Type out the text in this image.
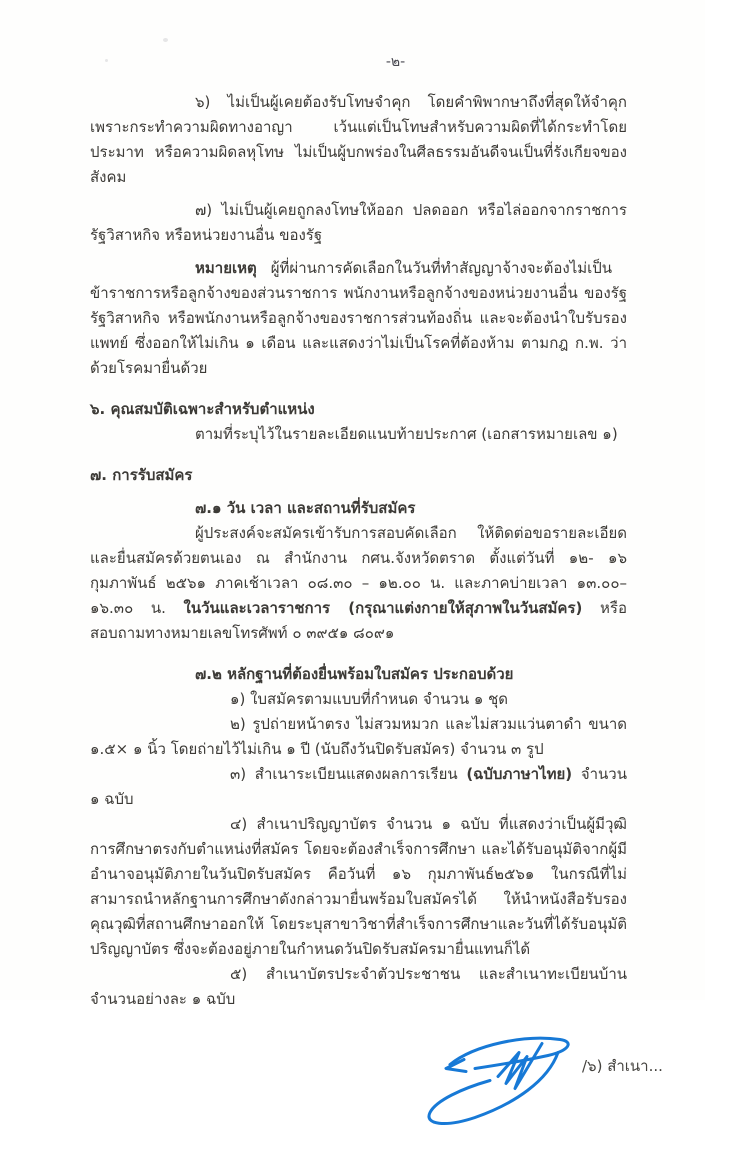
-๒-

๖) ไม่เป็นผู้เคยต้องรับโทษจำคุก โดยคำพิพากษาถึงที่สุดให้จำคุก เพราะกระทำความผิดทางอาญา เว้นแต่เป็นโทษสำหรับความผิดที่ได้กระทำโดยประมาท หรือความผิดลหุโทษ ไม่เป็นผู้บกพร่องในศีลธรรมอันดีจนเป็นที่รังเกียจของสังคม

๗) ไม่เป็นผู้เคยถูกลงโทษให้ออก ปลดออก หรือไล่ออกจากราชการ รัฐวิสาหกิจ หรือหน่วยงานอื่น ของรัฐ

หมายเหตุ ผู้ที่ผ่านการคัดเลือกในวันที่ทำสัญญาจ้างจะต้องไม่เป็นข้าราชการหรือลูกจ้างของส่วนราชการ พนักงานหรือลูกจ้างของหน่วยงานอื่น ของรัฐ รัฐวิสาหกิจ หรือพนักงานหรือลูกจ้างของราชการส่วนท้องถิ่น และจะต้องนำใบรับรองแพทย์ ซึ่งออกให้ไม่เกิน ๑ เดือน และแสดงว่าไม่เป็นโรคที่ต้องห้าม ตามกฎ ก.พ. ว่าด้วยโรคมายื่นด้วย

๖. คุณสมบัติเฉพาะสำหรับตำแหน่ง

ตามที่ระบุไว้ในรายละเอียดแนบท้ายประกาศ (เอกสารหมายเลข ๑)

๗. การรับสมัคร

๗.๑ วัน เวลา และสถานที่รับสมัคร

ผู้ประสงค์จะสมัครเข้ารับการสอบคัดเลือก ให้ติดต่อขอรายละเอียดและยื่นสมัครด้วยตนเอง ณ สำนักงาน กศน.จังหวัดตราด ตั้งแต่วันที่ ๑๒- ๑๖ กุมภาพันธ์ ๒๕๖๑ ภาคเช้าเวลา ๐๘.๓๐ – ๑๒.๐๐ น. และภาคบ่ายเวลา ๑๓.๐๐– ๑๖.๓๐ น. ในวันและเวลาราชการ (กรุณาแต่งกายให้สุภาพในวันสมัคร) หรือสอบถามทางหมายเลขโทรศัพท์ ๐ ๓๙๕๑ ๘๐๙๑

๗.๒ หลักฐานที่ต้องยื่นพร้อมใบสมัคร ประกอบด้วย

๑) ใบสมัครตามแบบที่กำหนด จำนวน ๑ ชุด

๒) รูปถ่ายหน้าตรง ไม่สวมหมวก และไม่สวมแว่นตาดำ ขนาด ๑.๕× ๑ นิ้ว โดยถ่ายไว้ไม่เกิน ๑ ปี (นับถึงวันปิดรับสมัคร) จำนวน ๓ รูป

๓) สำเนาระเบียนแสดงผลการเรียน (ฉบับภาษาไทย) จำนวน ๑ ฉบับ

๔) สำเนาปริญญาบัตร จำนวน ๑ ฉบับ ที่แสดงว่าเป็นผู้มีวุฒิการศึกษาตรงกับตำแหน่งที่สมัคร โดยจะต้องสำเร็จการศึกษา และได้รับอนุมัติจากผู้มีอำนาจอนุมัติภายในวันปิดรับสมัคร คือวันที่ ๑๖ กุมภาพันธ์๒๕๖๑ ในกรณีที่ไม่สามารถนำหลักฐานการศึกษาดังกล่าวมายื่นพร้อมใบสมัครได้ ให้นำหนังสือรับรองคุณวุฒิที่สถานศึกษาออกให้ โดยระบุสาขาวิชาที่สำเร็จการศึกษาและวันที่ได้รับอนุมัติปริญญาบัตร ซึ่งจะต้องอยู่ภายในกำหนดวันปิดรับสมัครมายื่นแทนก็ได้

๕) สำเนาบัตรประจำตัวประชาชน และสำเนาทะเบียนบ้าน จำนวนอย่างละ ๑ ฉบับ

/๖) สำเนา...
